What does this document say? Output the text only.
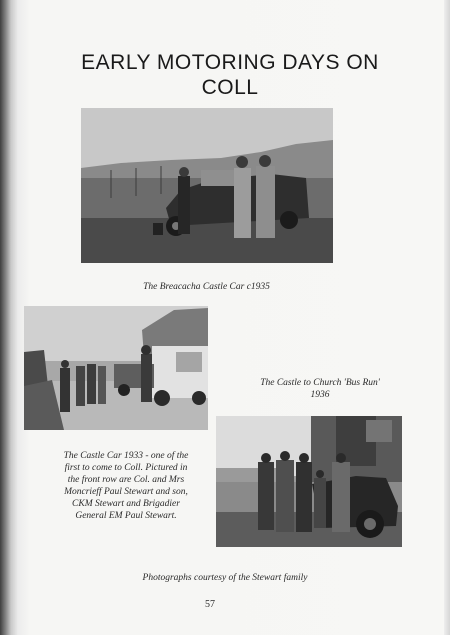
EARLY MOTORING DAYS ON
COLL
The Breacacha Castle Car c1935
The Castle to Church 'Bus Run'
1936
The Castle Car 1933 - one of the
first to come to Coll. Pictured in
the front row are Col. and Mrs
Moncrieff Paul Stewart and son,
CKM Stewart and Brigadier
General EM Paul Stewart.
Photographs courtesy of the Stewart family
57
